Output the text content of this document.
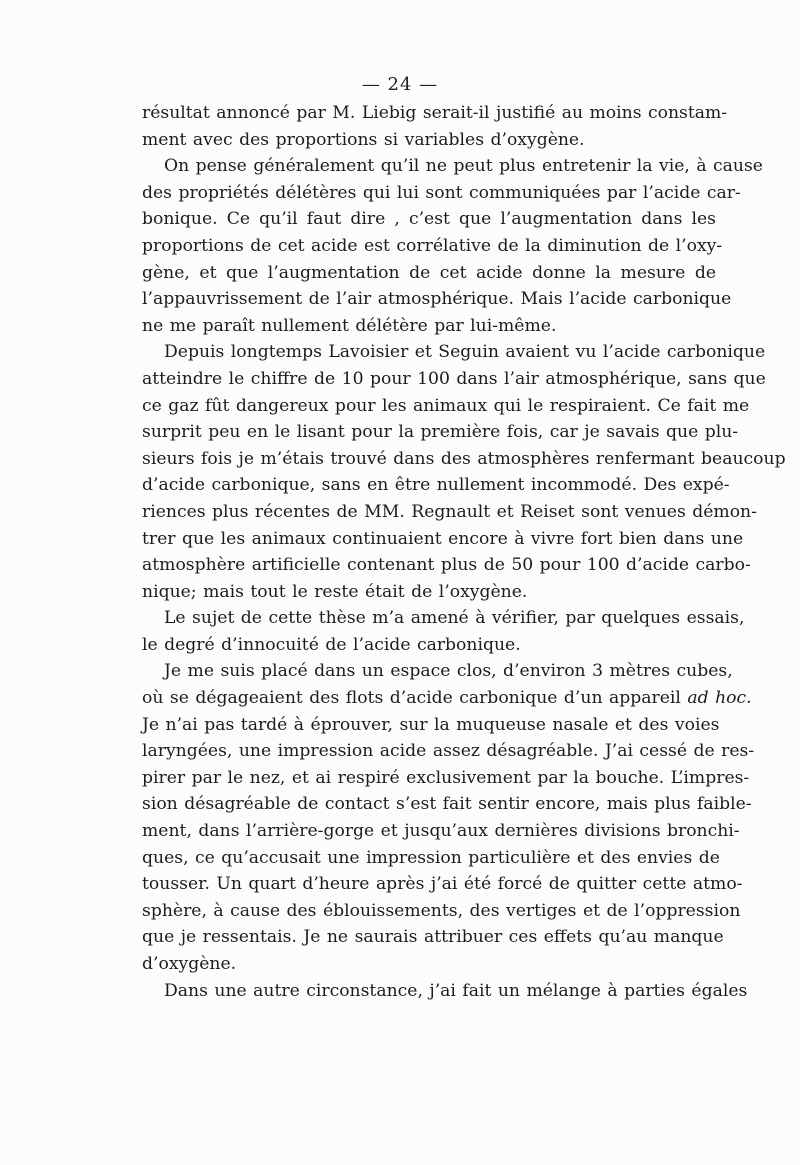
— 24 —
résultat annoncé par M. Liebig serait-il justifié au moins constam-
ment avec des proportions si variables d’oxygène.
On pense généralement qu’il ne peut plus entretenir la vie, à cause
des propriétés délétères qui lui sont communiquées par l’acide car-
bonique. Ce qu’il faut dire , c’est que l’augmentation dans les
proportions de cet acide est corrélative de la diminution de l’oxy-
gène, et que l’augmentation de cet acide donne la mesure de
l’appauvrissement de l’air atmosphérique. Mais l’acide carbonique
ne me paraît nullement délétère par lui-même.
Depuis longtemps Lavoisier et Seguin avaient vu l’acide carbonique
atteindre le chiffre de 10 pour 100 dans l’air atmosphérique, sans que
ce gaz fût dangereux pour les animaux qui le respiraient. Ce fait me
surprit peu en le lisant pour la première fois, car je savais que plu-
sieurs fois je m’étais trouvé dans des atmosphères renfermant beaucoup
d’acide carbonique, sans en être nullement incommodé. Des expé-
riences plus récentes de MM. Regnault et Reiset sont venues démon-
trer que les animaux continuaient encore à vivre fort bien dans une
atmosphère artificielle contenant plus de 50 pour 100 d’acide carbo-
nique; mais tout le reste était de l’oxygène.
Le sujet de cette thèse m’a amené à vérifier, par quelques essais,
le degré d’innocuité de l’acide carbonique.
Je me suis placé dans un espace clos, d’environ 3 mètres cubes,
où se dégageaient des flots d’acide carbonique d’un appareil ad hoc.
Je n’ai pas tardé à éprouver, sur la muqueuse nasale et des voies
laryngées, une impression acide assez désagréable. J’ai cessé de res-
pirer par le nez, et ai respiré exclusivement par la bouche. L’impres-
sion désagréable de contact s’est fait sentir encore, mais plus faible-
ment, dans l’arrière-gorge et jusqu’aux dernières divisions bronchi-
ques, ce qu’accusait une impression particulière et des envies de
tousser. Un quart d’heure après j’ai été forcé de quitter cette atmo-
sphère, à cause des éblouissements, des vertiges et de l’oppression
que je ressentais. Je ne saurais attribuer ces effets qu’au manque
d’oxygène.
Dans une autre circonstance, j’ai fait un mélange à parties égales
